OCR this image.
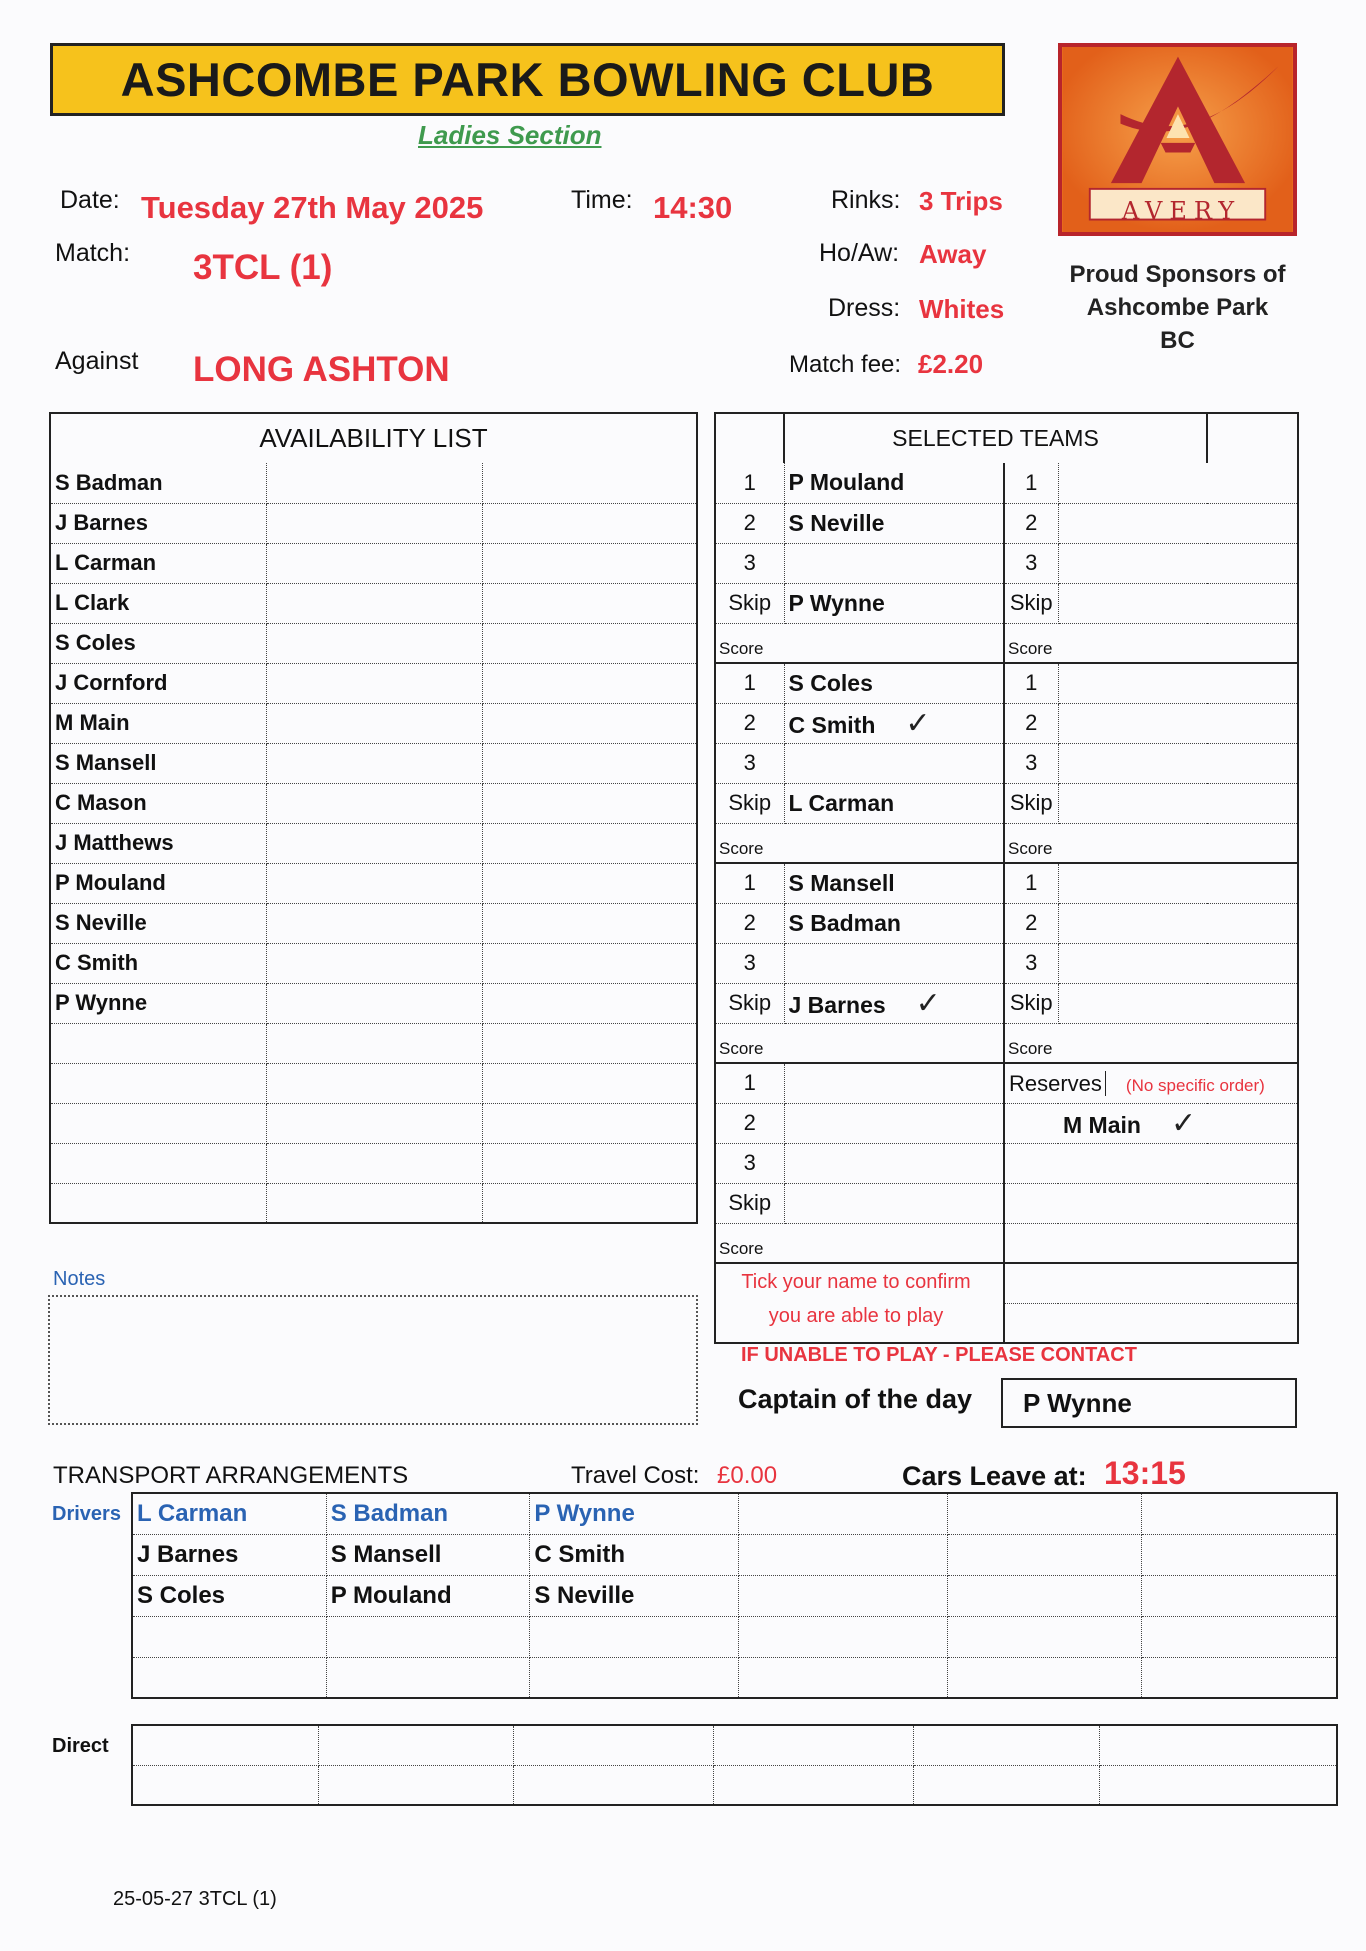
ASHCOMBE PARK BOWLING CLUB
Ladies Section
AVERY
Proud Sponsors of
Ashcombe Park
BC
Date: Tuesday 27th May 2025	Time: 14:30	Rinks: 3 Trips
Match: 3TCL (1)	Ho/Aw: Away
Dress: Whites
Against LONG ASHTON	Match fee: £2.20
AVAILABILITY LIST		
S Badman		
J Barnes		
L Carman		
L Clark		
S Coles		
J Cornford		
M Main		
S Mansell		
C Mason		
J Matthews		
P Mouland		
S Neville		
C Smith		
P Wynne		

	SELECTED TEAMS			
1	P Mouland	1		
2	S Neville	2		
3		3		
Skip	P Wynne	Skip		
Score		Score		
1	S Coles	1		
2	C Smith ✓	2		
3		3		
Skip	L Carman	Skip		
Score		Score		
1	S Mansell	1		
2	S Badman	2		
3		3		
Skip	J Barnes ✓	Skip		
Score		Score		
1		Reserves (No specific order)		
2		M Main ✓		
3				
Skip				
Score				

Notes	Tick your name to confirm
you are able to play
IF UNABLE TO PLAY - PLEASE CONTACT
Captain of the day	P Wynne
TRANSPORT ARRANGEMENTS	Travel Cost: £0.00	Cars Leave at: 13:15
Drivers L Carman	S Badman	P Wynne			
J Barnes	S Mansell	C Smith			
S Coles	P Mouland	S Neville			

Direct

25-05-27 3TCL (1)
